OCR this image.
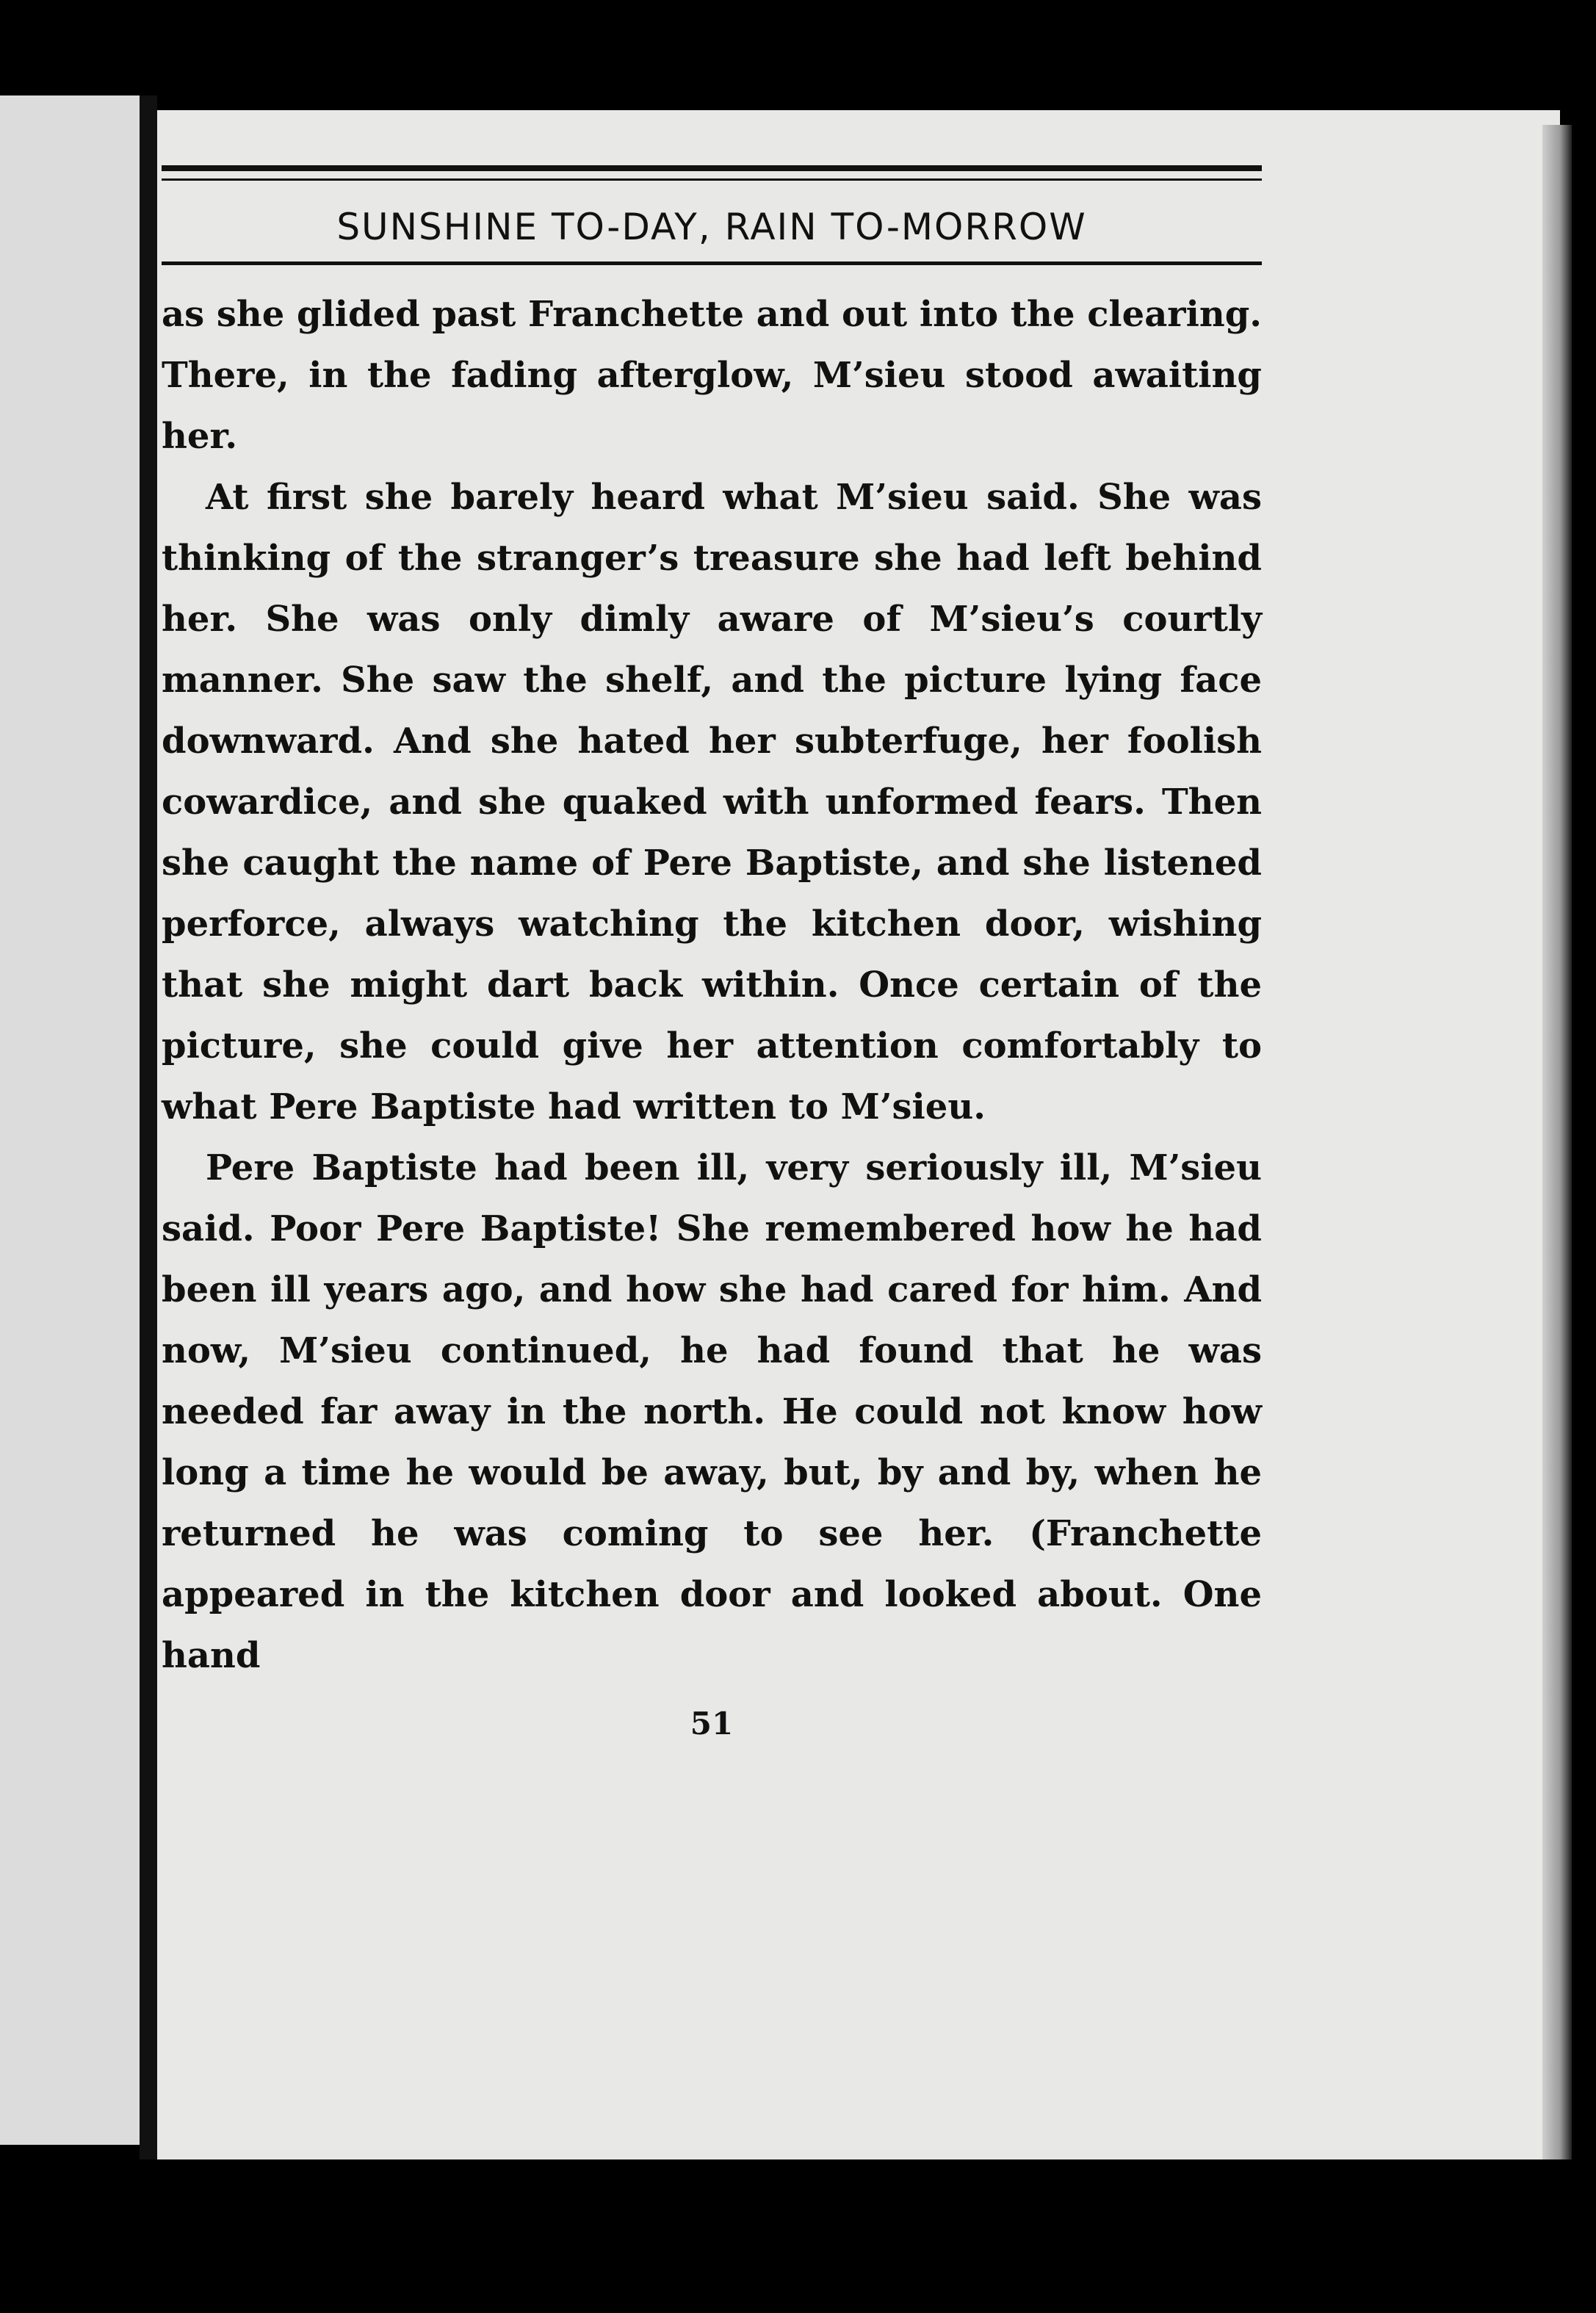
SUNSHINE TO-DAY, RAIN TO-MORROW

as she glided past Franchette and out into the clearing. There, in the fading afterglow, M’sieu stood awaiting her.

At first she barely heard what M’sieu said. She was thinking of the stranger’s treasure she had left behind her. She was only dimly aware of M’sieu’s courtly manner. She saw the shelf, and the picture lying face downward. And she hated her subterfuge, her foolish cowardice, and she quaked with unformed fears. Then she caught the name of Pere Baptiste, and she listened perforce, always watching the kitchen door, wishing that she might dart back within. Once certain of the picture, she could give her attention comfortably to what Pere Baptiste had written to M’sieu.

Pere Baptiste had been ill, very seriously ill, M’sieu said. Poor Pere Baptiste! She remembered how he had been ill years ago, and how she had cared for him. And now, M’sieu continued, he had found that he was needed far away in the north. He could not know how long a time he would be away, but, by and by, when he returned he was coming to see her. (Franchette appeared in the kitchen door and looked about. One hand

51
